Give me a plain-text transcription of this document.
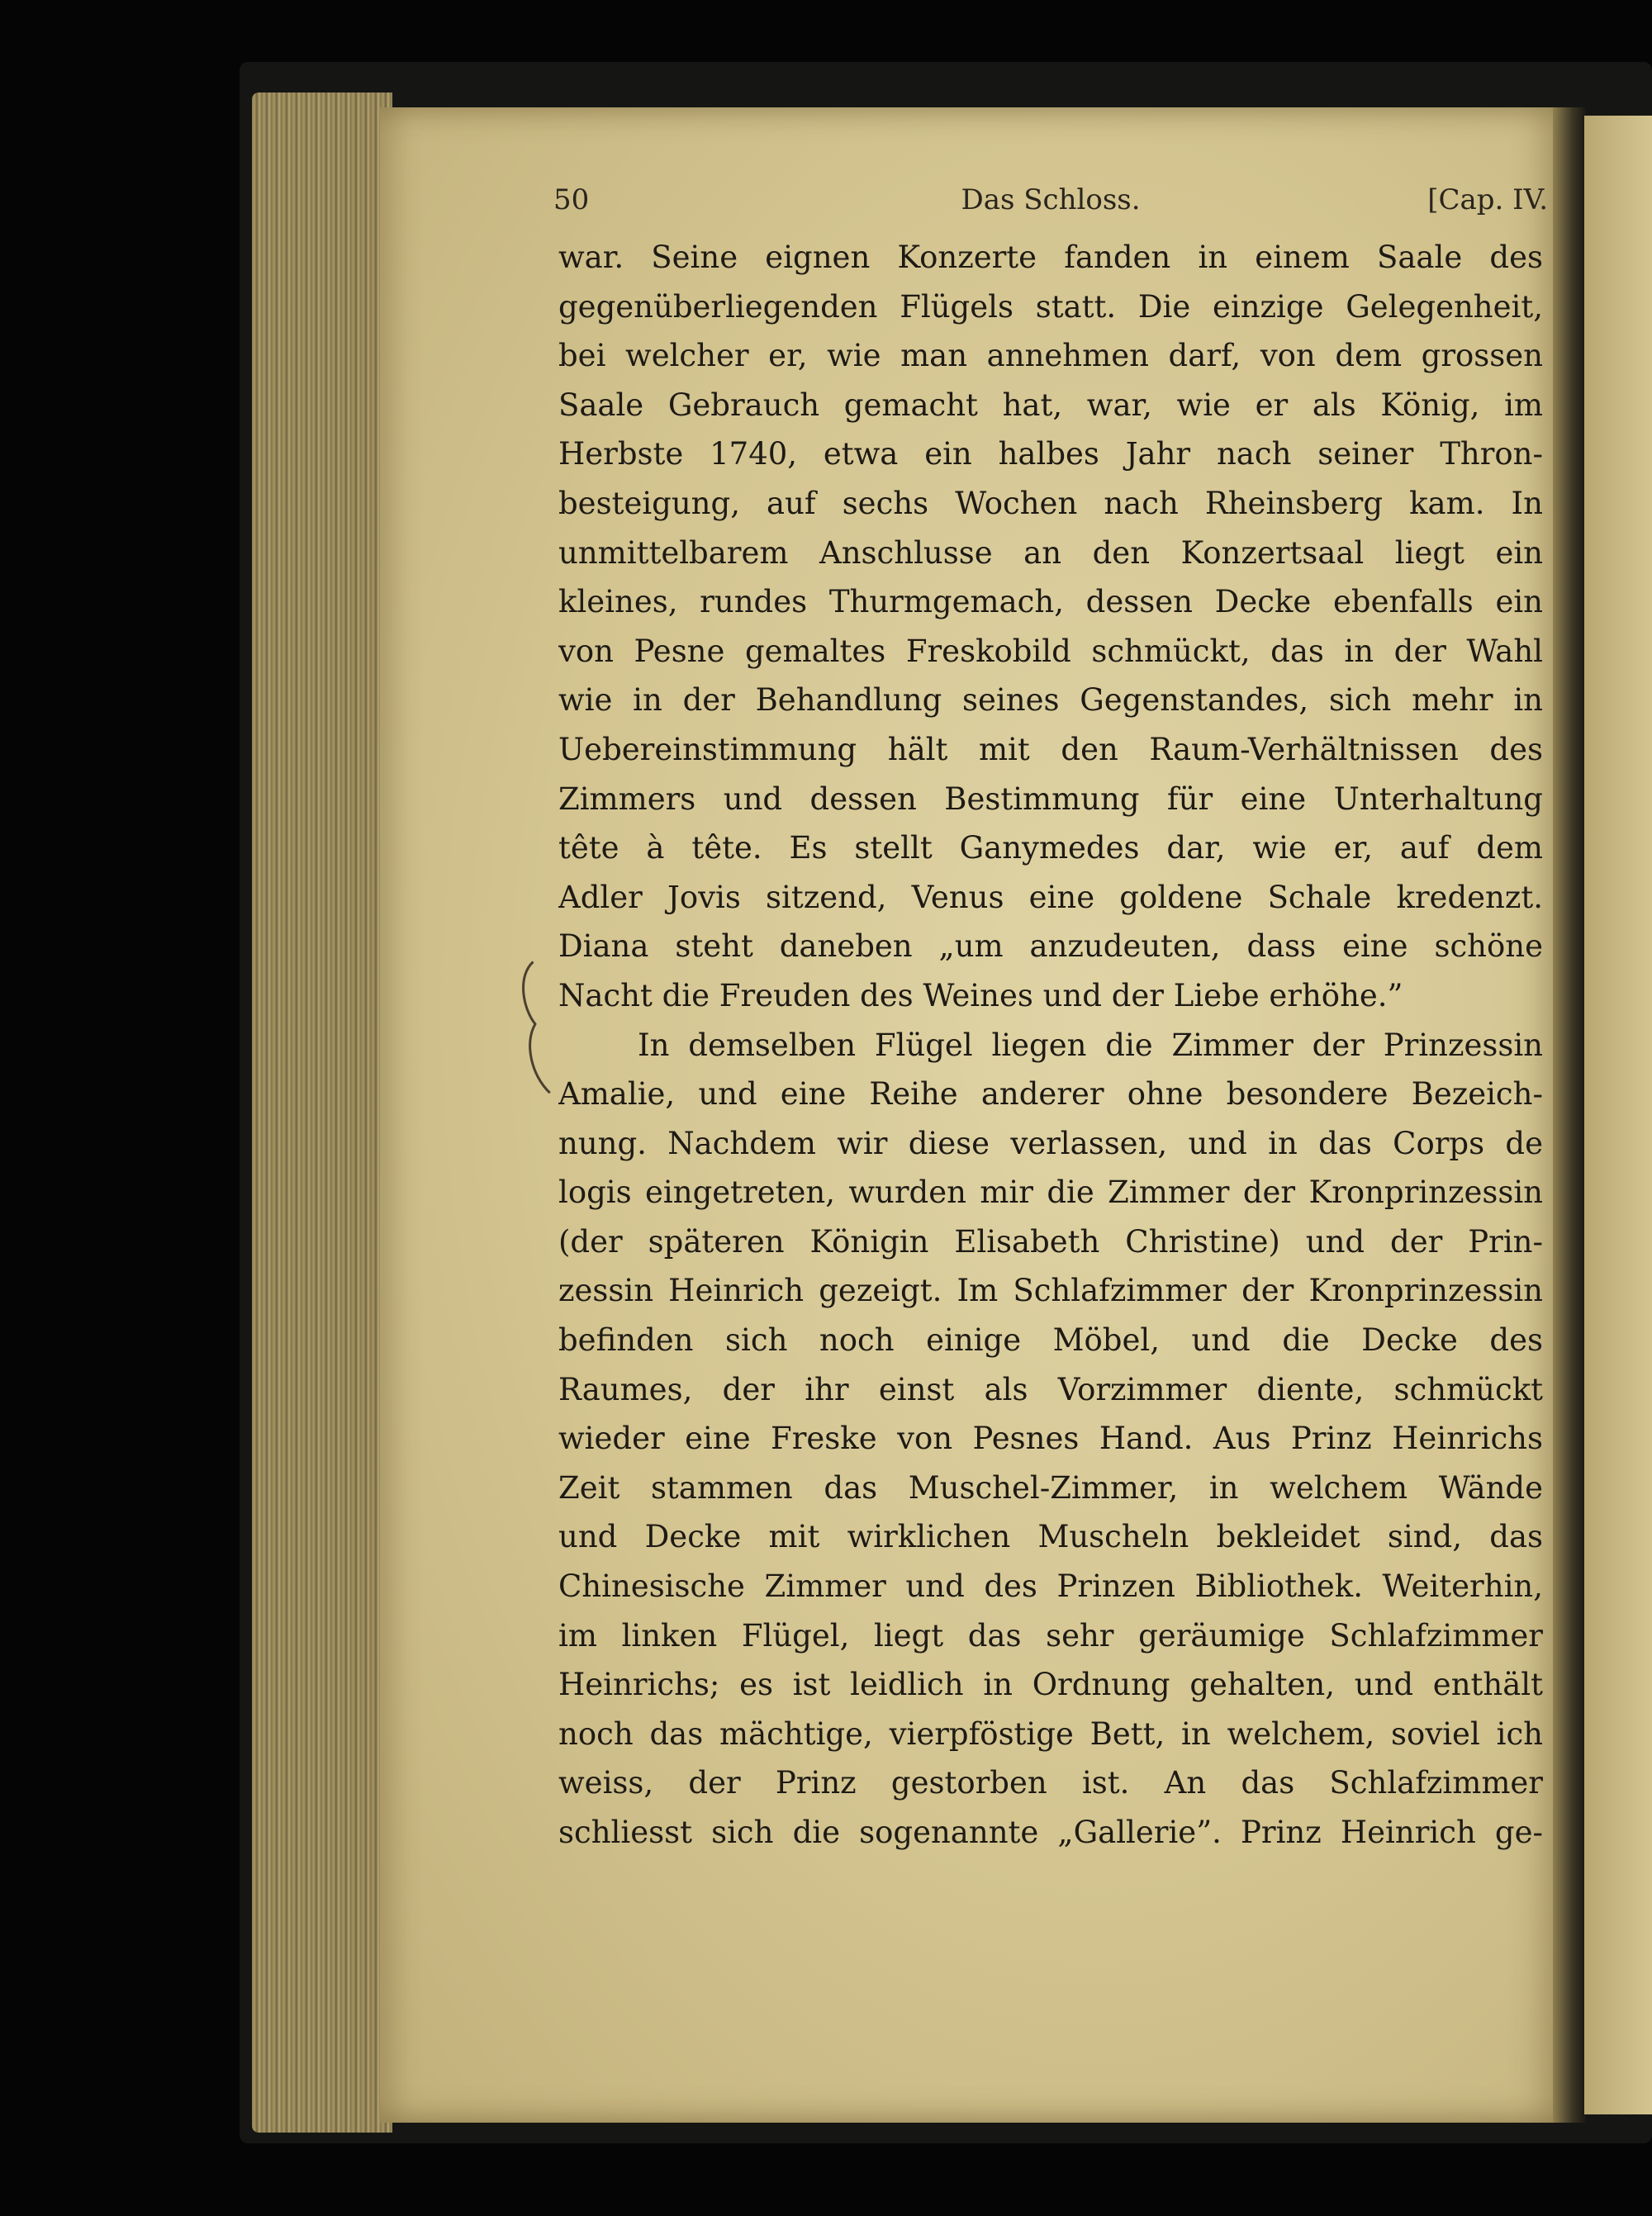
50	Das Schloss.	[Cap. IV.
war. Seine eignen Konzerte fanden in einem Saale des
gegenüberliegenden Flügels statt. Die einzige Gelegenheit,
bei welcher er, wie man annehmen darf, von dem grossen
Saale Gebrauch gemacht hat, war, wie er als König, im
Herbste 1740, etwa ein halbes Jahr nach seiner Thron-
besteigung, auf sechs Wochen nach Rheinsberg kam. In
unmittelbarem Anschlusse an den Konzertsaal liegt ein
kleines, rundes Thurmgemach, dessen Decke ebenfalls ein
von Pesne gemaltes Freskobild schmückt, das in der Wahl
wie in der Behandlung seines Gegenstandes, sich mehr in
Uebereinstimmung hält mit den Raum-Verhältnissen des
Zimmers und dessen Bestimmung für eine Unterhaltung
tête à tête. Es stellt Ganymedes dar, wie er, auf dem
Adler Jovis sitzend, Venus eine goldene Schale kredenzt.
Diana steht daneben „um anzudeuten, dass eine schöne
Nacht die Freuden des Weines und der Liebe erhöhe.”
In demselben Flügel liegen die Zimmer der Prinzessin
Amalie, und eine Reihe anderer ohne besondere Bezeich-
nung. Nachdem wir diese verlassen, und in das Corps de
logis eingetreten, wurden mir die Zimmer der Kronprinzessin
(der späteren Königin Elisabeth Christine) und der Prin-
zessin Heinrich gezeigt. Im Schlafzimmer der Kronprinzessin
befinden sich noch einige Möbel, und die Decke des
Raumes, der ihr einst als Vorzimmer diente, schmückt
wieder eine Freske von Pesnes Hand. Aus Prinz Heinrichs
Zeit stammen das Muschel-Zimmer, in welchem Wände
und Decke mit wirklichen Muscheln bekleidet sind, das
Chinesische Zimmer und des Prinzen Bibliothek. Weiterhin,
im linken Flügel, liegt das sehr geräumige Schlafzimmer
Heinrichs; es ist leidlich in Ordnung gehalten, und enthält
noch das mächtige, vierpföstige Bett, in welchem, soviel ich
weiss, der Prinz gestorben ist. An das Schlafzimmer
schliesst sich die sogenannte „Gallerie”. Prinz Heinrich ge-
